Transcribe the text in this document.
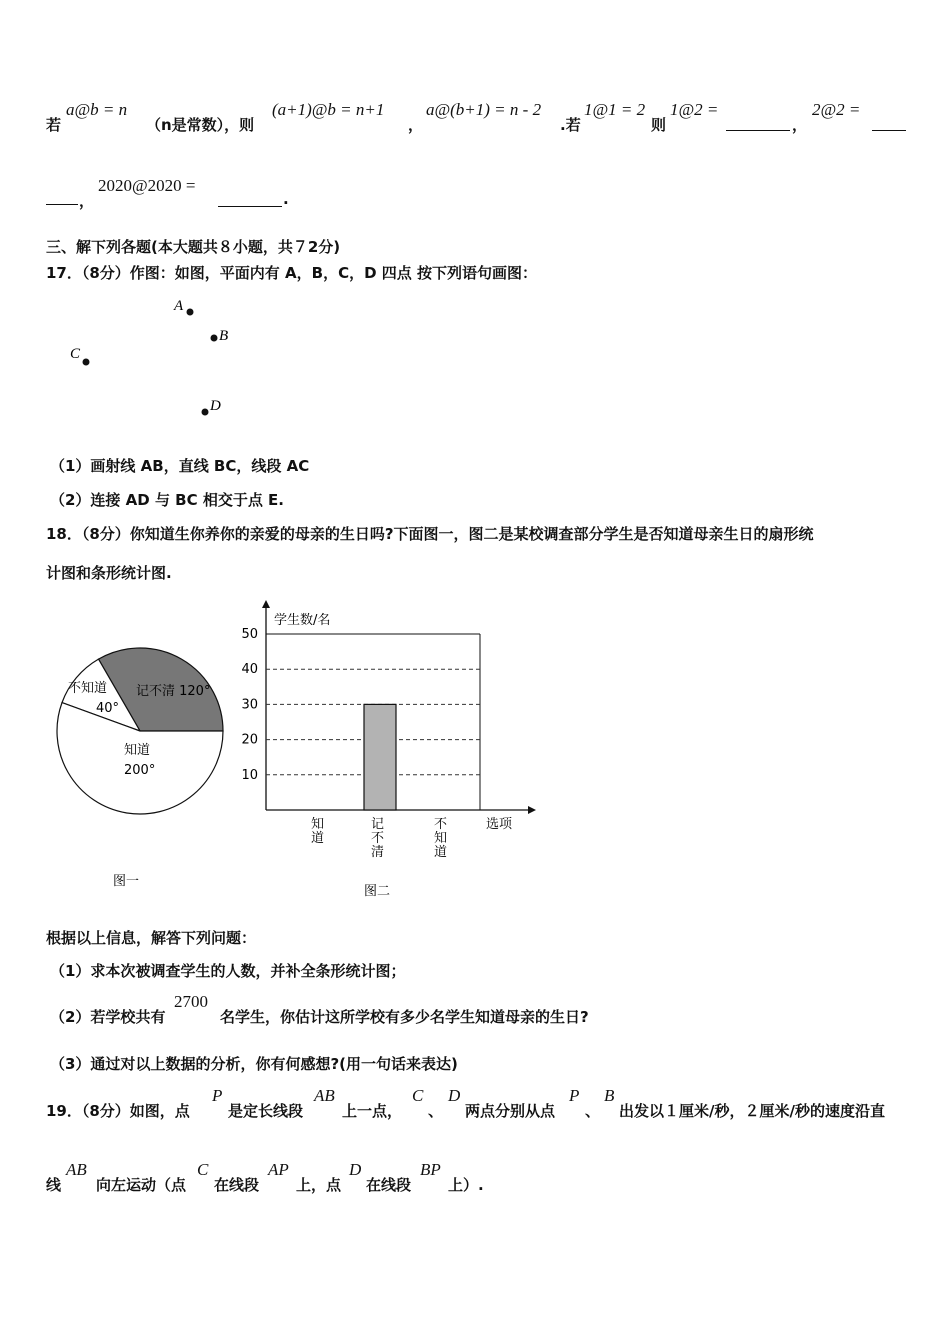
若
a@b = n
（n是常数），则
(a+1)@b = n+1
，
a@(b+1) = n - 2
.若
1@1 = 2
则
1@2 =
，
2@2 =
，
2020@2020 =
.
三、解下列各题(本大题共８小题，共７2分)
17．（8分）作图：如图，平面内有 A，B，C，D 四点 按下列语句画图：
A
B
C
D
（1）画射线 AB，直线 BC，线段 AC
（2）连接 AD 与 BC 相交于点 E.
18．（8分）你知道生你养你的亲爱的母亲的生日吗?下面图一，图二是某校调查部分学生是否知道母亲生日的扇形统
计图和条形统计图.
记不清 120°
不知道
40°
知道
200°
图一
10
20
30
40
50
学生数/名
选项
知
道
记
不
清
不
知
道
图二
根据以上信息，解答下列问题：
（1）求本次被调查学生的人数，并补全条形统计图；
（2）若学校共有
2700
名学生，你估计这所学校有多少名学生知道母亲的生日?
（3）通过对以上数据的分析，你有何感想?(用一句话来表达)
19．（8分）如图，点
P
是定长线段
AB
上一点，
C
、
D
两点分别从点
P
、
B
出发以１厘米/秒，２厘米/秒的速度沿直
线
AB
向左运动（点
C
在线段
AP
上，点
D
在线段
BP
上）.
